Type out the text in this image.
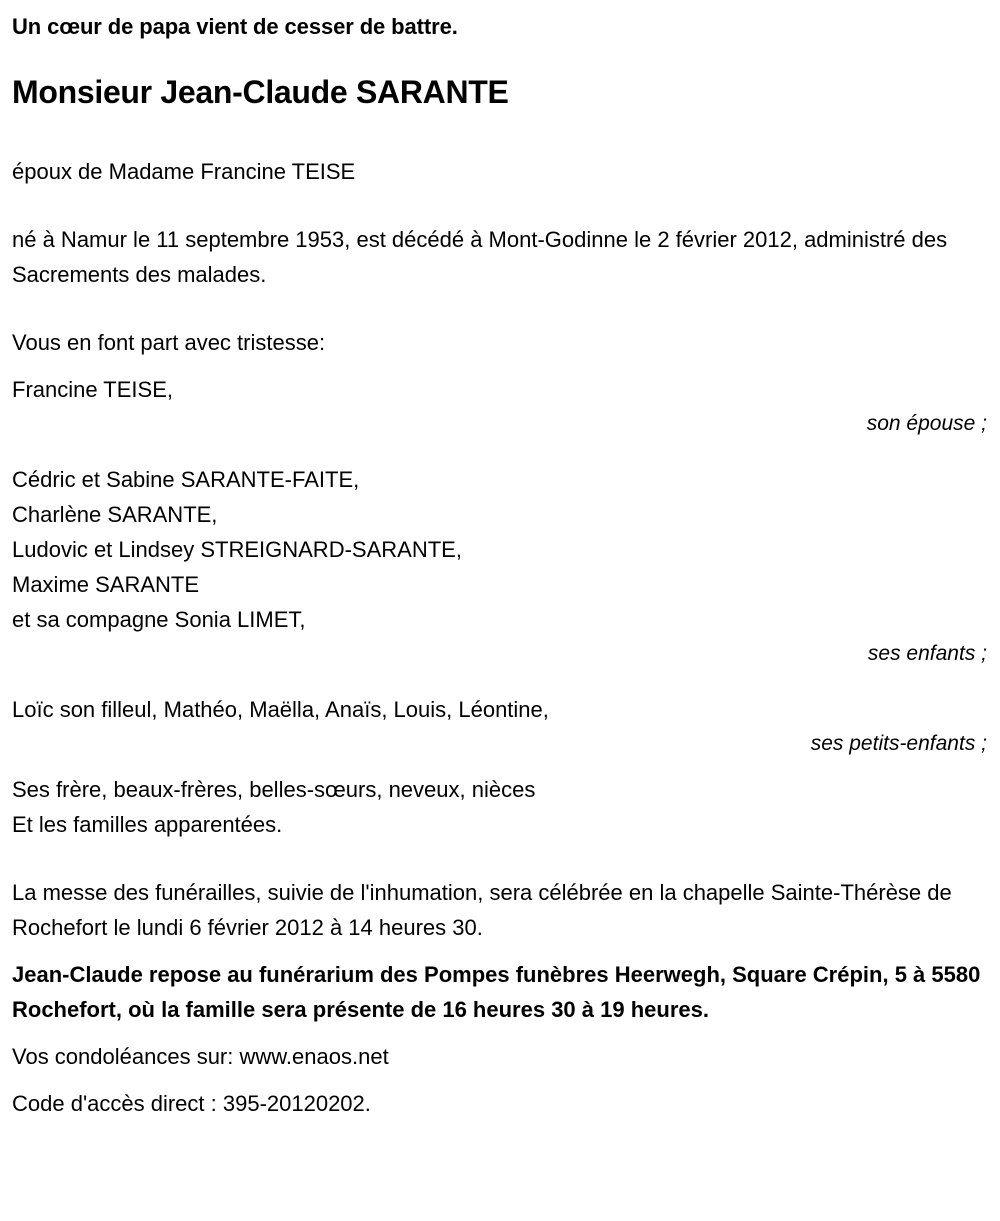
Un cœur de papa vient de cesser de battre.

Monsieur Jean-Claude SARANTE

époux de Madame Francine TEISE

né à Namur le 11 septembre 1953, est décédé à Mont-Godinne le 2 février 2012, administré des Sacrements des malades.

Vous en font part avec tristesse:

Francine TEISE,
son épouse ;
Cédric et Sabine SARANTE-FAITE,
Charlène SARANTE,
Ludovic et Lindsey STREIGNARD-SARANTE,
Maxime SARANTE
et sa compagne Sonia LIMET,
ses enfants ;
Loïc son filleul, Mathéo, Maëlla, Anaïs, Louis, Léontine,
ses petits-enfants ;
Ses frère, beaux-frères, belles-sœurs, neveux, nièces
Et les familles apparentées.

La messe des funérailles, suivie de l'inhumation, sera célébrée en la chapelle Sainte-Thérèse de Rochefort le lundi 6 février 2012 à 14 heures 30.

Jean-Claude repose au funérarium des Pompes funèbres Heerwegh, Square Crépin, 5 à 5580 Rochefort, où la famille sera présente de 16 heures 30 à 19 heures.

Vos condoléances sur: www.enaos.net

Code d'accès direct : 395-20120202.
